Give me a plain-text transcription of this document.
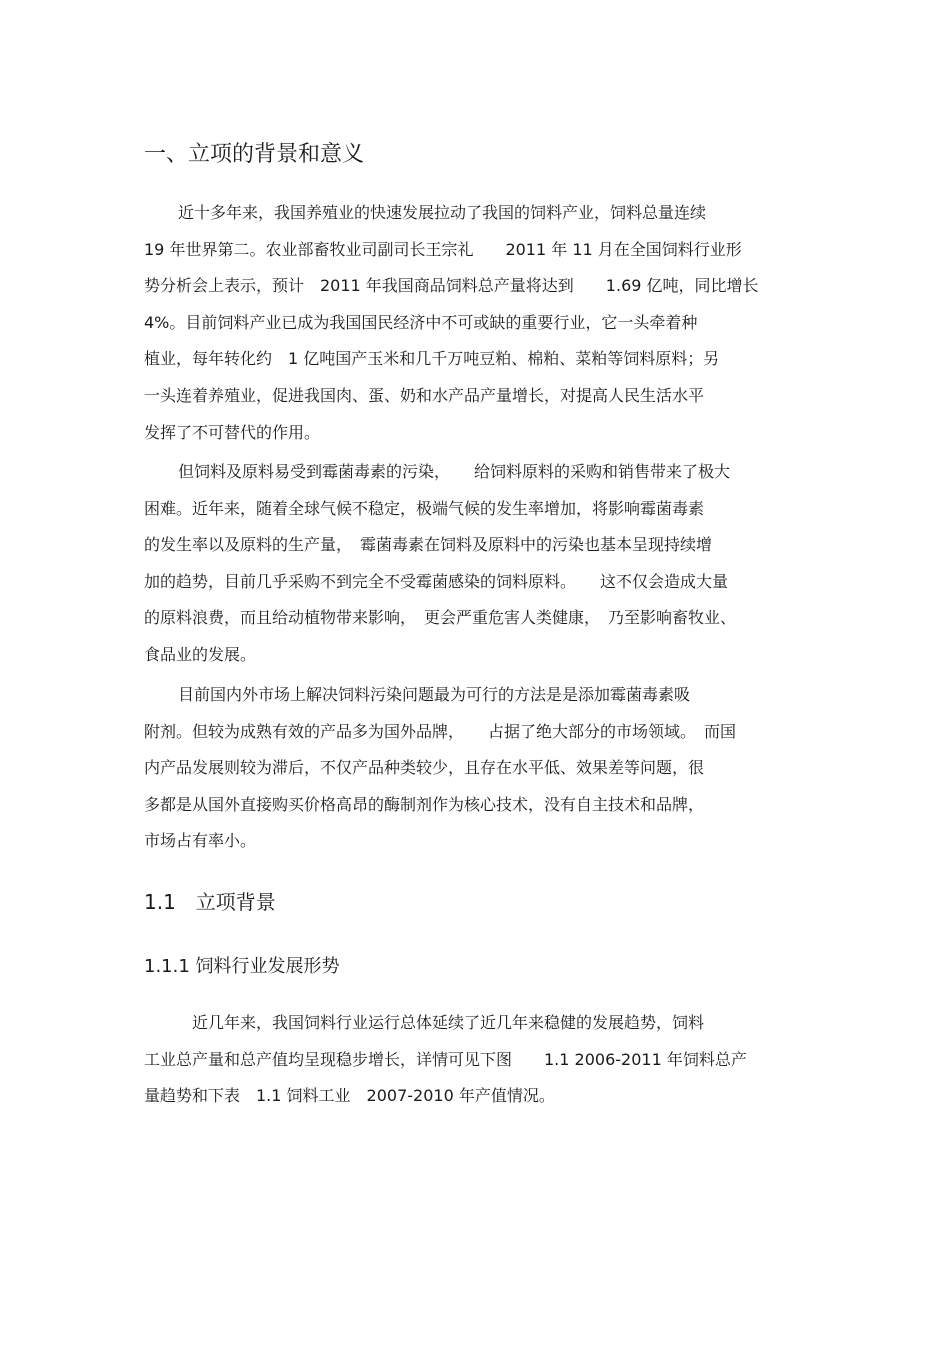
一、立项的背景和意义
近十多年来，我国养殖业的快速发展拉动了我国的饲料产业，饲料总量连续
19 年世界第二。农业部畜牧业司副司长王宗礼　　2011 年 11 月在全国饲料行业形
势分析会上表示，预计　2011 年我国商品饲料总产量将达到　　1.69 亿吨，同比增长
4%。目前饲料产业已成为我国国民经济中不可或缺的重要行业，它一头牵着种
植业，每年转化约　1 亿吨国产玉米和几千万吨豆粕、棉粕、菜粕等饲料原料；另
一头连着养殖业，促进我国肉、蛋、奶和水产品产量增长，对提高人民生活水平
发挥了不可替代的作用。
但饲料及原料易受到霉菌毒素的污染，　　给饲料原料的采购和销售带来了极大
困难。近年来，随着全球气候不稳定，极端气候的发生率增加，将影响霉菌毒素
的发生率以及原料的生产量，　霉菌毒素在饲料及原料中的污染也基本呈现持续增
加的趋势，目前几乎采购不到完全不受霉菌感染的饲料原料。　　这不仅会造成大量
的原料浪费，而且给动植物带来影响，　更会严重危害人类健康，　乃至影响畜牧业、
食品业的发展。
目前国内外市场上解决饲料污染问题最为可行的方法是是添加霉菌毒素吸
附剂。但较为成熟有效的产品多为国外品牌，　　占据了绝大部分的市场领域。　而国
内产品发展则较为滞后，不仅产品种类较少，且存在水平低、效果差等问题，很
多都是从国外直接购买价格高昂的酶制剂作为核心技术，没有自主技术和品牌，
市场占有率小。
1.1　立项背景
1.1.1 饲料行业发展形势
近几年来，我国饲料行业运行总体延续了近几年来稳健的发展趋势，饲料
工业总产量和总产值均呈现稳步增长，详情可见下图　　1.1 2006-2011 年饲料总产
量趋势和下表　1.1 饲料工业　2007-2010 年产值情况。
